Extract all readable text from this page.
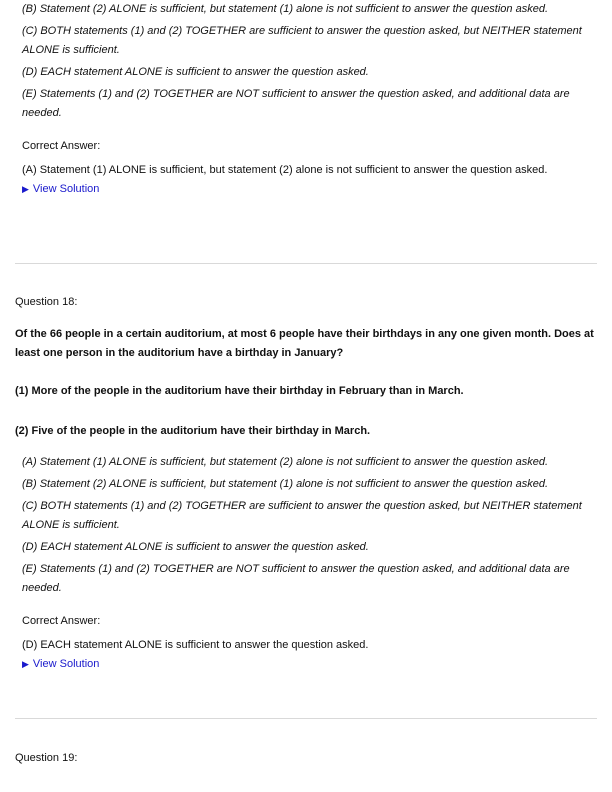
(B) Statement (2) ALONE is sufficient, but statement (1) alone is not sufficient to answer the question asked.
(C) BOTH statements (1) and (2) TOGETHER are sufficient to answer the question asked, but NEITHER statement ALONE is sufficient.
(D) EACH statement ALONE is sufficient to answer the question asked.
(E) Statements (1) and (2) TOGETHER are NOT sufficient to answer the question asked, and additional data are needed.
Correct Answer:
(A) Statement (1) ALONE is sufficient, but statement (2) alone is not sufficient to answer the question asked.
▶ View Solution
Question 18:
Of the 66 people in a certain auditorium, at most 6 people have their birthdays in any one given month. Does at least one person in the auditorium have a birthday in January?
(1) More of the people in the auditorium have their birthday in February than in March.
(2) Five of the people in the auditorium have their birthday in March.
(A) Statement (1) ALONE is sufficient, but statement (2) alone is not sufficient to answer the question asked.
(B) Statement (2) ALONE is sufficient, but statement (1) alone is not sufficient to answer the question asked.
(C) BOTH statements (1) and (2) TOGETHER are sufficient to answer the question asked, but NEITHER statement ALONE is sufficient.
(D) EACH statement ALONE is sufficient to answer the question asked.
(E) Statements (1) and (2) TOGETHER are NOT sufficient to answer the question asked, and additional data are needed.
Correct Answer:
(D) EACH statement ALONE is sufficient to answer the question asked.
▶ View Solution
Question 19:
